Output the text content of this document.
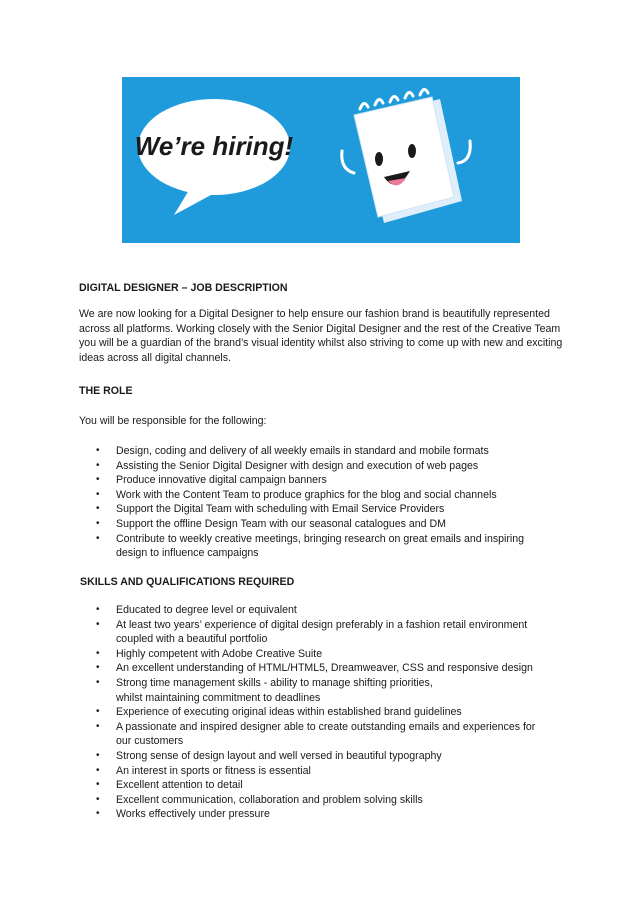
We’re hiring!

DIGITAL DESIGNER – JOB DESCRIPTION

We are now looking for a Digital Designer to help ensure our fashion brand is beautifully represented across all platforms. Working closely with the Senior Digital Designer and the rest of the Creative Team you will be a guardian of the brand’s visual identity whilst also striving to come up with new and exciting ideas across all digital channels.

THE ROLE

You will be responsible for the following:

• Design, coding and delivery of all weekly emails in standard and mobile formats
• Assisting the Senior Digital Designer with design and execution of web pages
• Produce innovative digital campaign banners
• Work with the Content Team to produce graphics for the blog and social channels
• Support the Digital Team with scheduling with Email Service Providers
• Support the offline Design Team with our seasonal catalogues and DM
• Contribute to weekly creative meetings, bringing research on great emails and inspiring
design to influence campaigns

SKILLS AND QUALIFICATIONS REQUIRED

• Educated to degree level or equivalent
• At least two years’ experience of digital design preferably in a fashion retail environment
coupled with a beautiful portfolio
• Highly competent with Adobe Creative Suite
• An excellent understanding of HTML/HTML5, Dreamweaver, CSS and responsive design
• Strong time management skills - ability to manage shifting priorities,
whilst maintaining commitment to deadlines
• Experience of executing original ideas within established brand guidelines
• A passionate and inspired designer able to create outstanding emails and experiences for
our customers
• Strong sense of design layout and well versed in beautiful typography
• An interest in sports or fitness is essential
• Excellent attention to detail
• Excellent communication, collaboration and problem solving skills
• Works effectively under pressure
